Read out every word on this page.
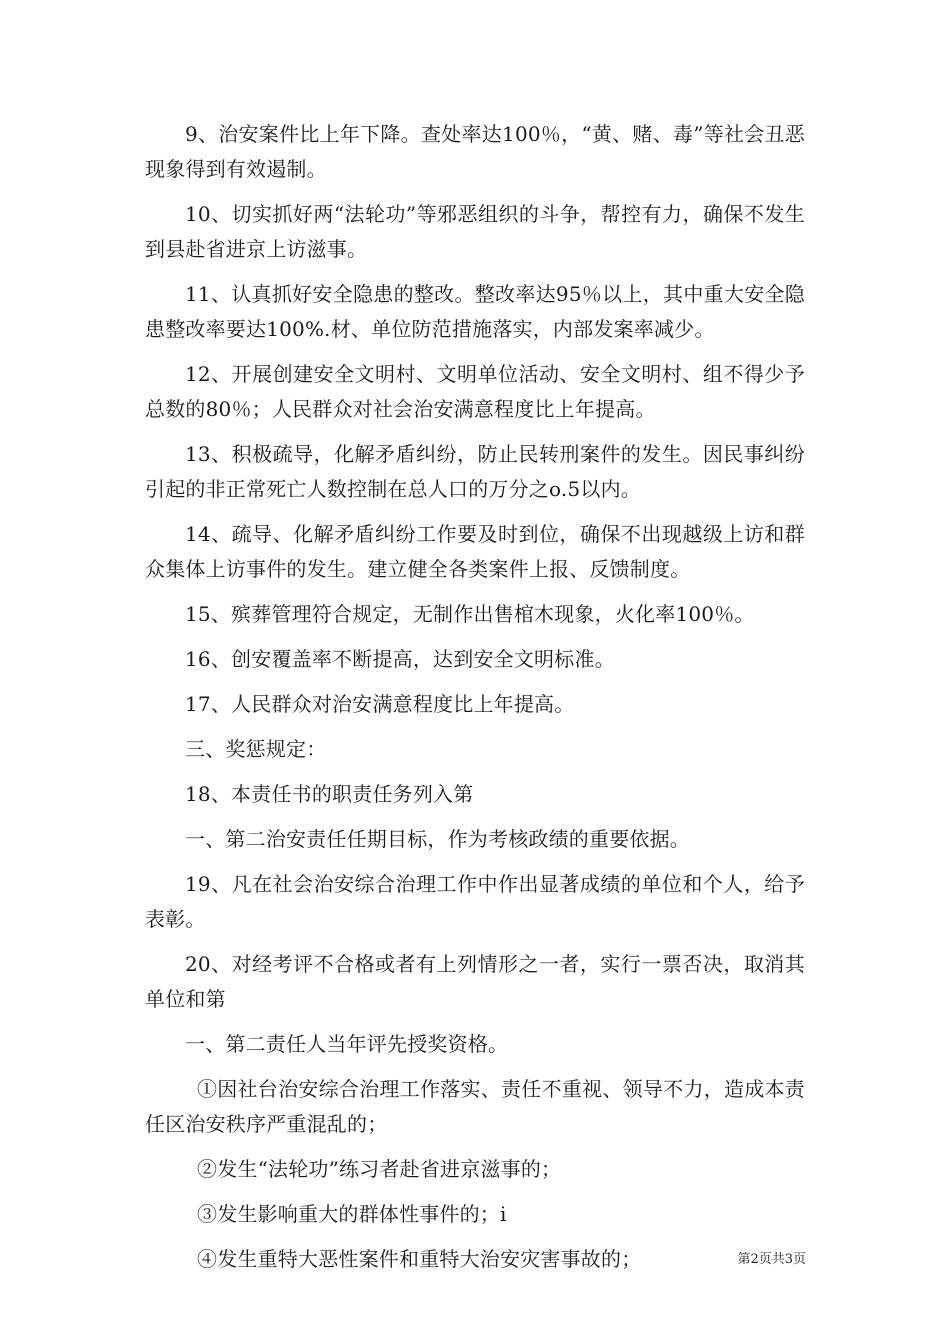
9、治安案件比上年下降。查处率达100％，“黄、赌、毒”等社会丑恶现象得到有效遏制。

10、切实抓好两“法轮功”等邪恶组织的斗争，帮控有力，确保不发生到县赴省进京上访滋事。

11、认真抓好安全隐患的整改。整改率达95％以上，其中重大安全隐患整改率要达100%.材、单位防范措施落实，内部发案率减少。

12、开展创建安全文明村、文明单位活动、安全文明村、组不得少予总数的80％；人民群众对社会治安满意程度比上年提高。

13、积极疏导，化解矛盾纠纷，防止民转刑案件的发生。因民事纠纷引起的非正常死亡人数控制在总人口的万分之o.5以内。

14、疏导、化解矛盾纠纷工作要及时到位，确保不出现越级上访和群众集体上访事件的发生。建立健全各类案件上报、反馈制度。

15、殡葬管理符合规定，无制作出售棺木现象，火化率100％。

16、创安覆盖率不断提高，达到安全文明标准。

17、人民群众对治安满意程度比上年提高。

三、奖惩规定：

18、本责任书的职责任务列入第

一、第二治安责任任期目标，作为考核政绩的重要依据。

19、凡在社会治安综合治理工作中作出显著成绩的单位和个人，给予表彰。

20、对经考评不合格或者有上列情形之一者，实行一票否决，取消其单位和第

一、第二责任人当年评先授奖资格。

①因社台治安综合治理工作落实、责任不重视、领导不力，造成本责任区治安秩序严重混乱的；

②发生“法轮功”练习者赴省进京滋事的；

③发生影响重大的群体性事件的；i

④发生重特大恶性案件和重特大治安灾害事故的；	第2页共3页
